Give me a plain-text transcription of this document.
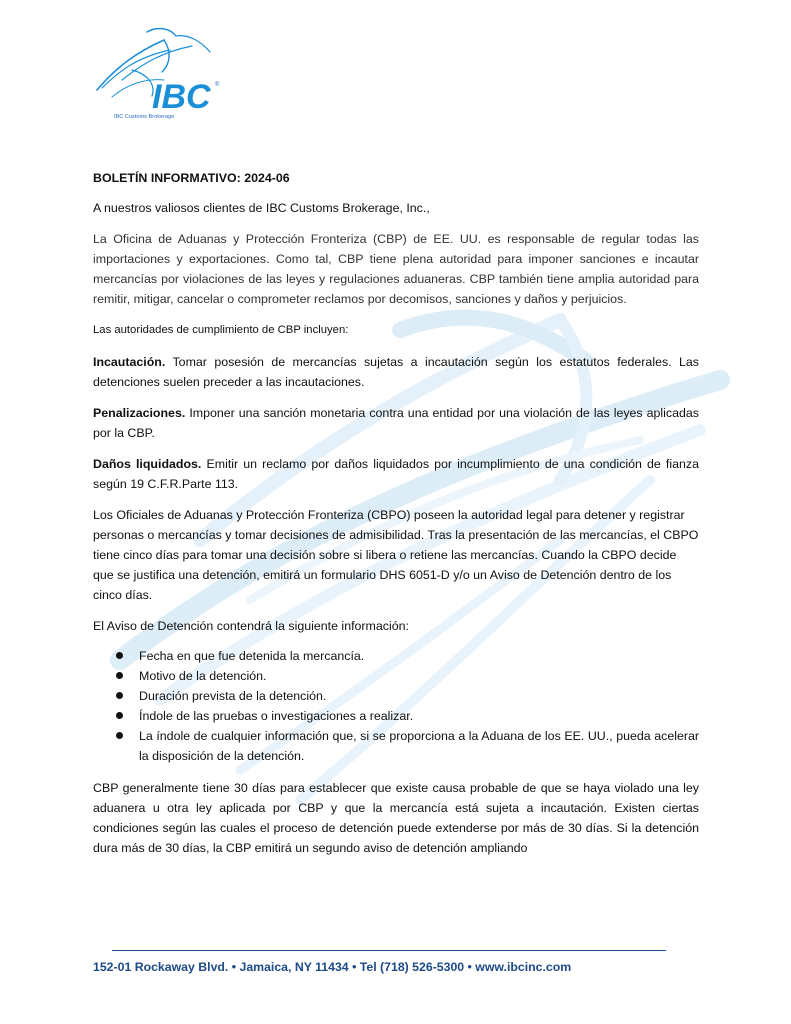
IBC ®
IBC Customs Brokerage

BOLETÍN INFORMATIVO: 2024-06

A nuestros valiosos clientes de IBC Customs Brokerage, Inc.,

La Oficina de Aduanas y Protección Fronteriza (CBP) de EE. UU. es responsable de regular todas las importaciones y exportaciones. Como tal, CBP tiene plena autoridad para imponer sanciones e incautar mercancías por violaciones de las leyes y regulaciones aduaneras. CBP también tiene amplia autoridad para remitir, mitigar, cancelar o comprometer reclamos por decomisos, sanciones y daños y perjuicios.

Las autoridades de cumplimiento de CBP incluyen:

Incautación. Tomar posesión de mercancías sujetas a incautación según los estatutos federales. Las detenciones suelen preceder a las incautaciones.

Penalizaciones. Imponer una sanción monetaria contra una entidad por una violación de las leyes aplicadas por la CBP.

Daños liquidados. Emitir un reclamo por daños liquidados por incumplimiento de una condición de fianza según 19 C.F.R.Parte 113.

Los Oficiales de Aduanas y Protección Fronteriza (CBPO) poseen la autoridad legal para detener y registrar personas o mercancías y tomar decisiones de admisibilidad. Tras la presentación de las mercancías, el CBPO tiene cinco días para tomar una decisión sobre si libera o retiene las mercancías. Cuando la CBPO decide que se justifica una detención, emitirá un formulario DHS 6051-D y/o un Aviso de Detención dentro de los cinco días.

El Aviso de Detención contendrá la siguiente información:

Fecha en que fue detenida la mercancía.
Motivo de la detención.
Duración prevista de la detención.
Índole de las pruebas o investigaciones a realizar.
La índole de cualquier información que, si se proporciona a la Aduana de los EE. UU., pueda acelerar la disposición de la detención.

CBP generalmente tiene 30 días para establecer que existe causa probable de que se haya violado una ley aduanera u otra ley aplicada por CBP y que la mercancía está sujeta a incautación. Existen ciertas condiciones según las cuales el proceso de detención puede extenderse por más de 30 días. Si la detención dura más de 30 días, la CBP emitirá un segundo aviso de detención ampliando

152-01 Rockaway Blvd. • Jamaica, NY 11434 • Tel (718) 526-5300 • www.ibcinc.com
